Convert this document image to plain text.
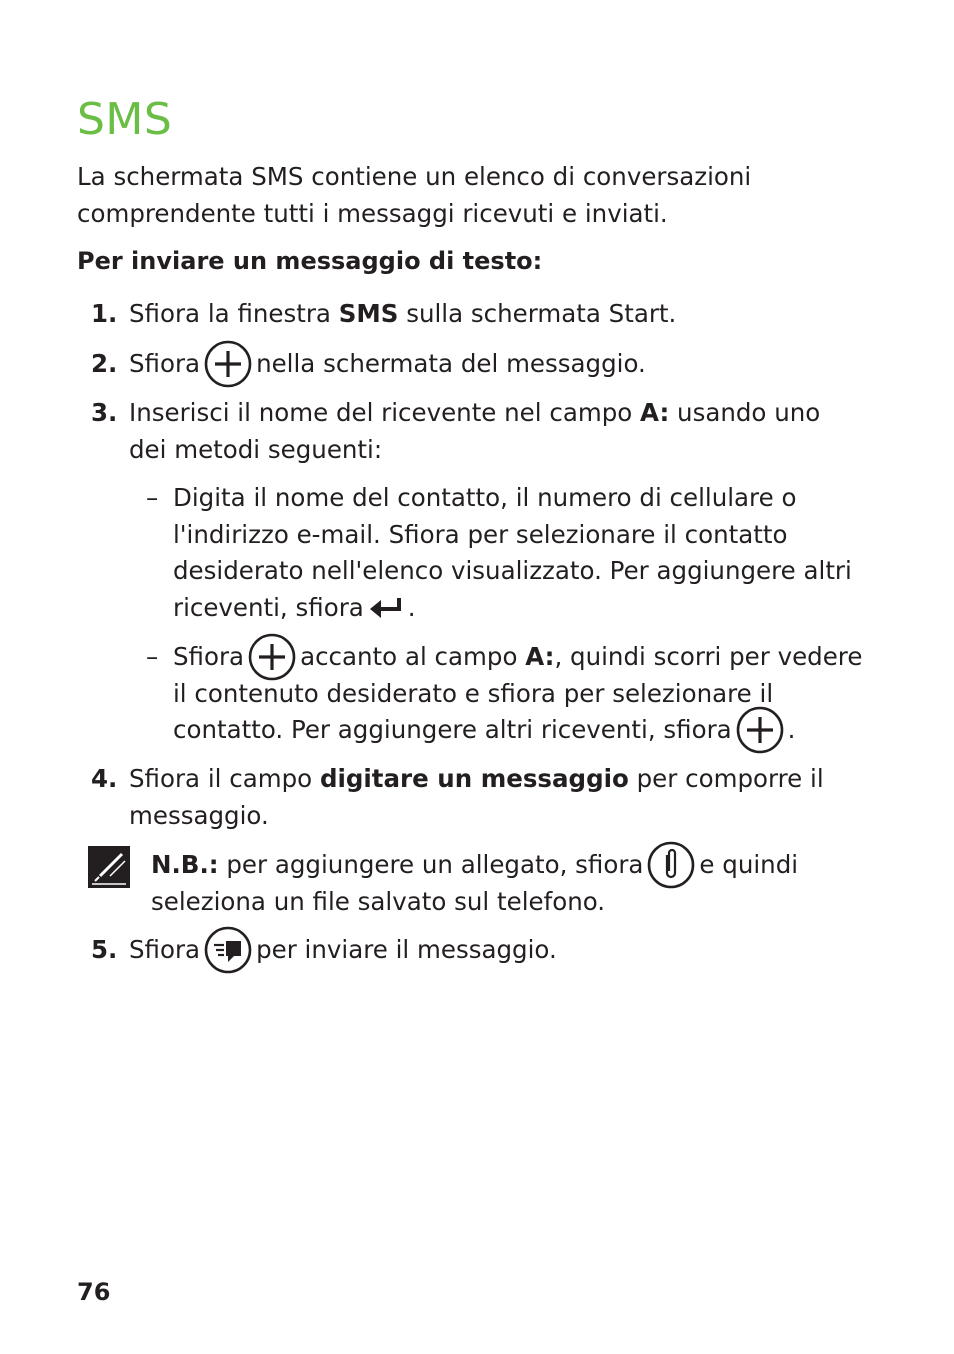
SMS

La schermata SMS contiene un elenco di conversazioni comprendente tutti i messaggi ricevuti e inviati.

Per inviare un messaggio di testo:

1. Sfiora la finestra SMS sulla schermata Start.
2. Sfiora nella schermata del messaggio.
3. Inserisci il nome del ricevente nel campo A: usando uno dei metodi seguenti:
– Digita il nome del contatto, il numero di cellulare o l'indirizzo e-mail. Sfiora per selezionare il contatto desiderato nell'elenco visualizzato. Per aggiungere altri riceventi, sfiora .
– Sfiora accanto al campo A:, quindi scorri per vedere il contenuto desiderato e sfiora per selezionare il contatto. Per aggiungere altri riceventi, sfiora .
4. Sfiora il campo digitare un messaggio per comporre il messaggio.
N.B.: per aggiungere un allegato, sfiora e quindi seleziona un file salvato sul telefono.
5. Sfiora per inviare il messaggio.
76
